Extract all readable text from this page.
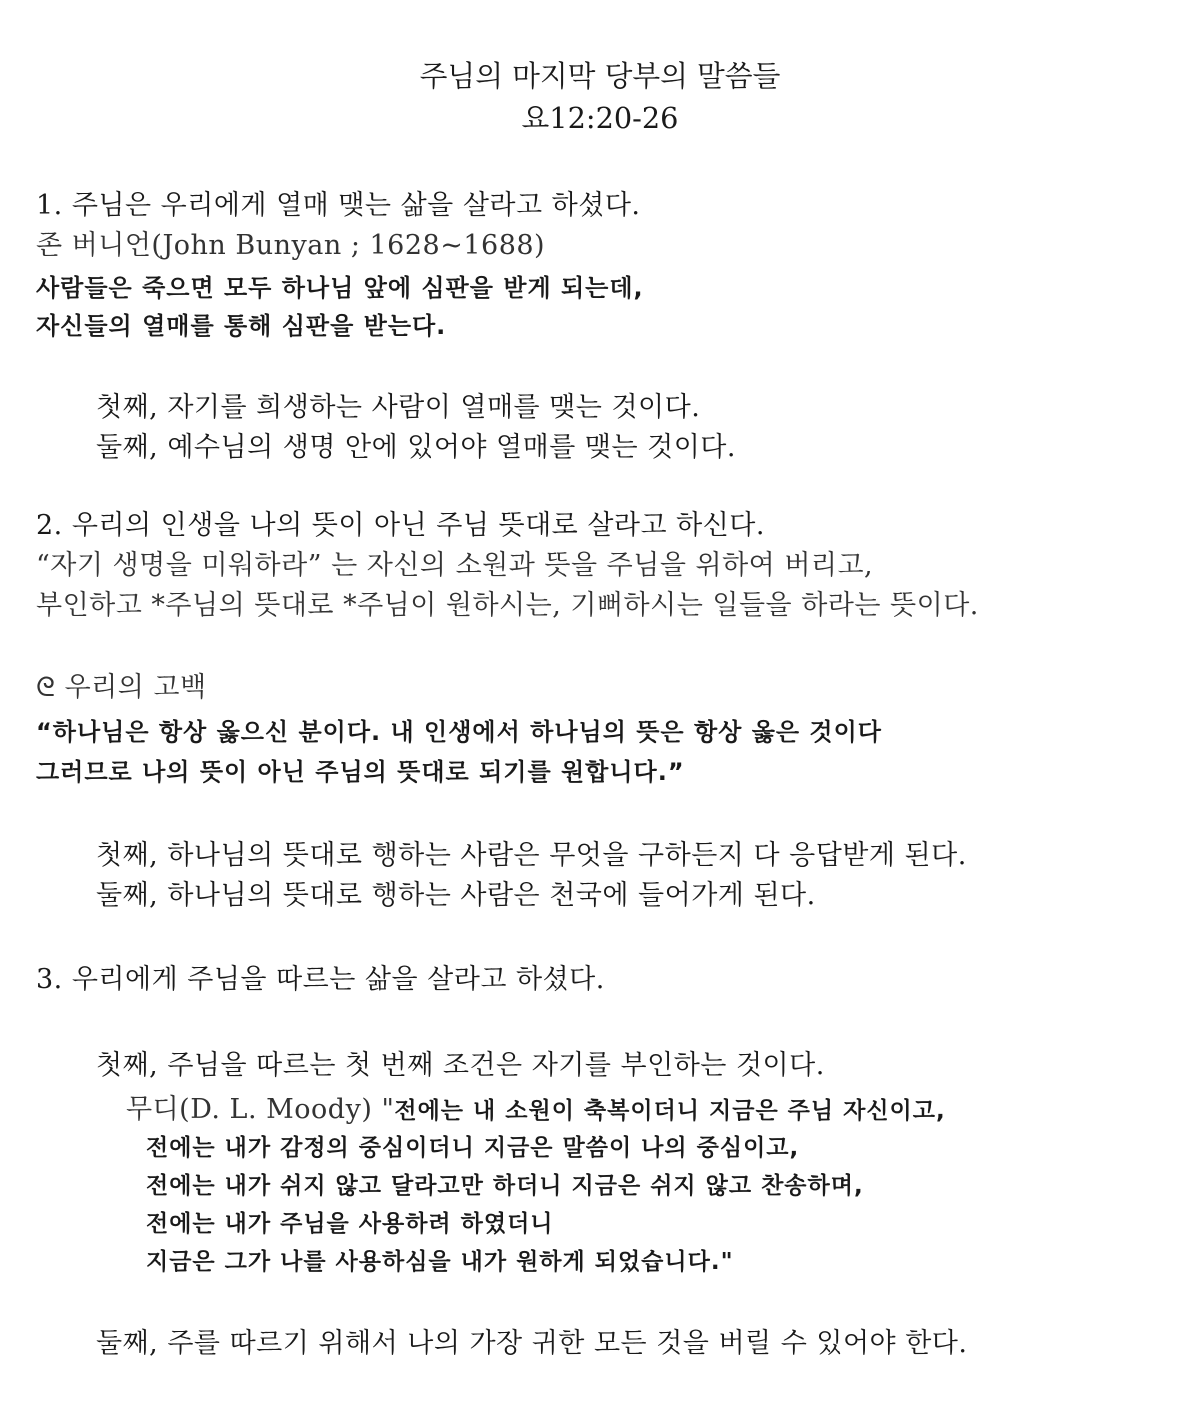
주님의 마지막 당부의 말씀들
요12:20-26
1. 주님은 우리에게 열매 맺는 삶을 살라고 하셨다.
존 버니언(John Bunyan ; 1628~1688)
사람들은 죽으면 모두 하나님 앞에 심판을 받게 되는데,
자신들의 열매를 통해 심판을 받는다.
첫째, 자기를 희생하는 사람이 열매를 맺는 것이다.
둘째, 예수님의 생명 안에 있어야 열매를 맺는 것이다.
2. 우리의 인생을 나의 뜻이 아닌 주님 뜻대로 살라고 하신다.
“자기 생명을 미워하라” 는 자신의 소원과 뜻을 주님을 위하여 버리고,
부인하고 *주님의 뜻대로 *주님이 원하시는, 기뻐하시는 일들을 하라는 뜻이다.
ᘓ 우리의 고백
“하나님은 항상 옳으신 분이다. 내 인생에서 하나님의 뜻은 항상 옳은 것이다
그러므로 나의 뜻이 아닌 주님의 뜻대로 되기를 원합니다.”
첫째, 하나님의 뜻대로 행하는 사람은 무엇을 구하든지 다 응답받게 된다.
둘째, 하나님의 뜻대로 행하는 사람은 천국에 들어가게 된다.
3. 우리에게 주님을 따르는 삶을 살라고 하셨다.
첫째, 주님을 따르는 첫 번째 조건은 자기를 부인하는 것이다.
무디(D. L. Moody) "전에는 내 소원이 축복이더니 지금은 주님 자신이고,
전에는 내가 감정의 중심이더니 지금은 말씀이 나의 중심이고,
전에는 내가 쉬지 않고 달라고만 하더니 지금은 쉬지 않고 찬송하며,
전에는 내가 주님을 사용하려 하였더니
지금은 그가 나를 사용하심을 내가 원하게 되었습니다."
둘째, 주를 따르기 위해서 나의 가장 귀한 모든 것을 버릴 수 있어야 한다.
